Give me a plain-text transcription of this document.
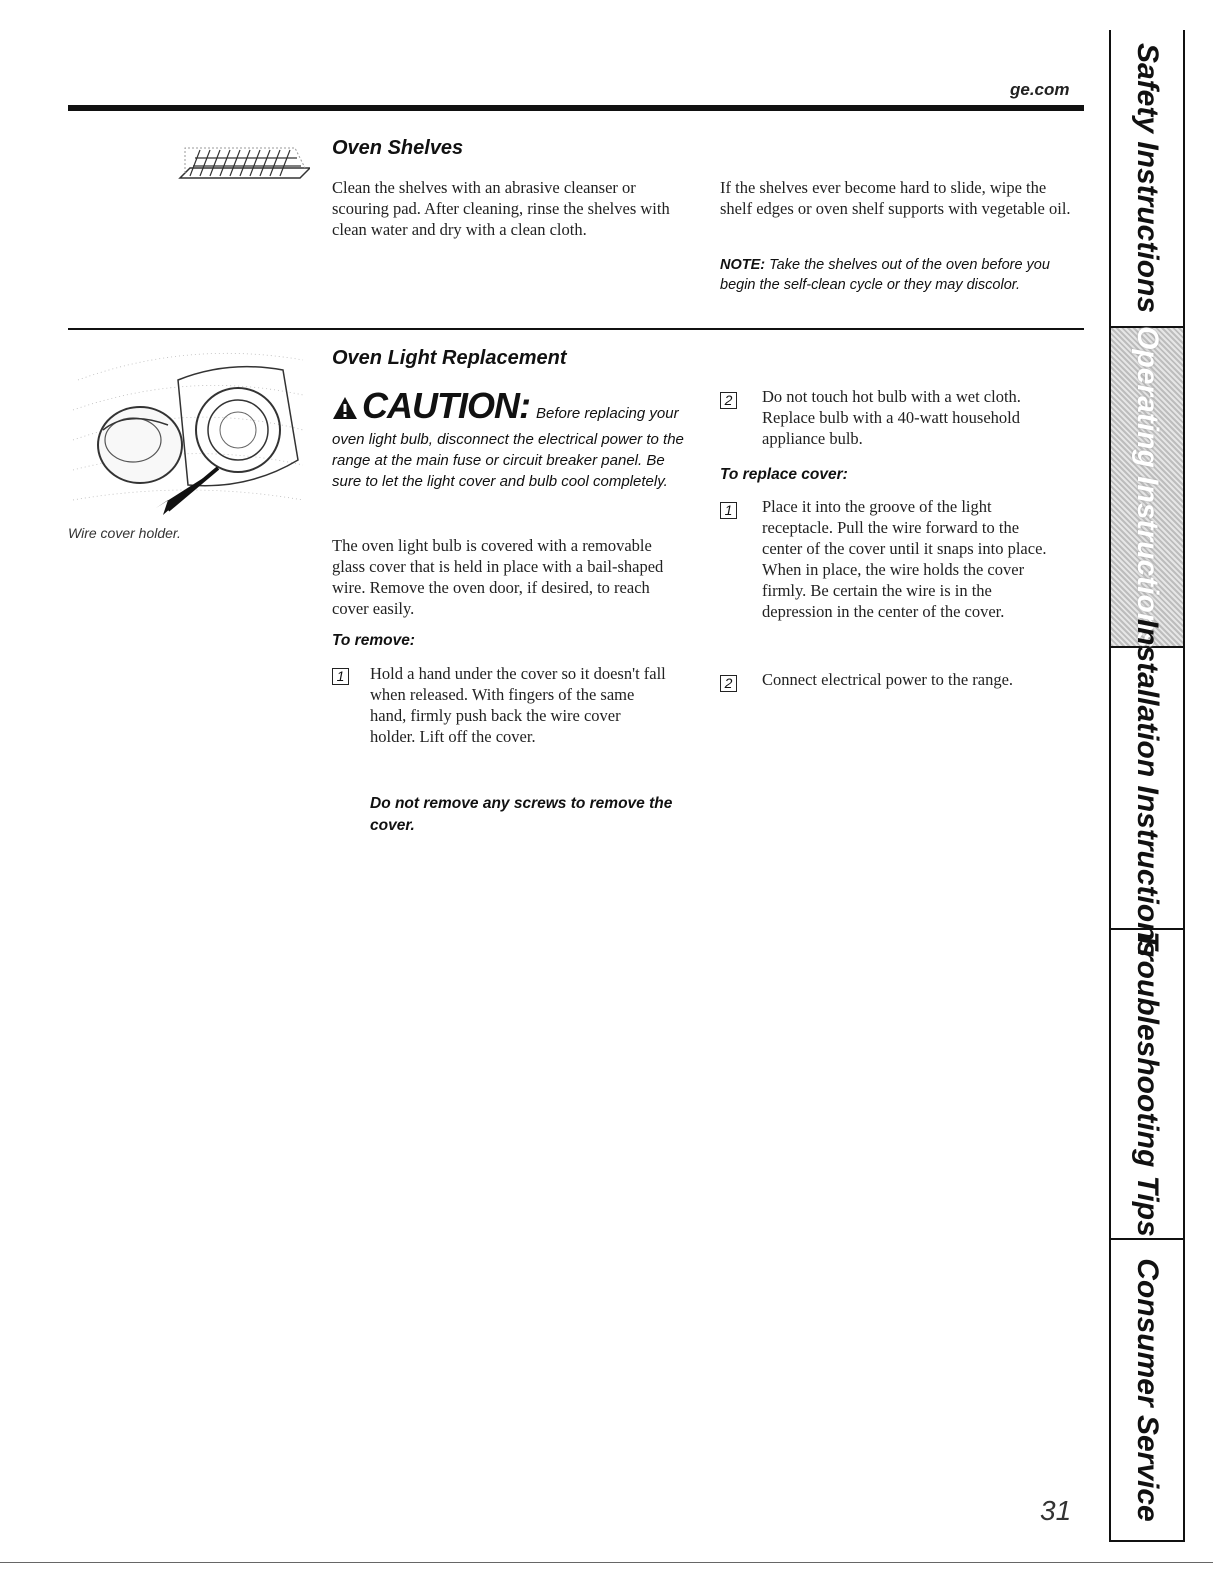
ge.com
Oven Shelves
Clean the shelves with an abrasive cleanser or scouring pad. After cleaning, rinse the shelves with clean water and dry with a clean cloth.
If the shelves ever become hard to slide, wipe the shelf edges or oven shelf supports with vegetable oil.
NOTE: Take the shelves out of the oven before you begin the self-clean cycle or they may discolor.
Wire cover holder.
Oven Light Replacement
CAUTION: Before replacing your
oven light bulb, disconnect the electrical power to the range at the main fuse or circuit breaker panel. Be sure to let the light cover and bulb cool completely.
The oven light bulb is covered with a removable glass cover that is held in place with a bail-shaped wire. Remove the oven door, if desired, to reach cover easily.
To remove:
1 Hold a hand under the cover so it doesn't fall when released. With fingers of the same hand, firmly push back the wire cover holder. Lift off the cover.
Do not remove any screws to remove the cover.
2 Do not touch hot bulb with a wet cloth. Replace bulb with a 40-watt household appliance bulb.
To replace cover:
1 Place it into the groove of the light receptacle. Pull the wire forward to the center of the cover until it snaps into place. When in place, the wire holds the cover firmly. Be certain the wire is in the depression in the center of the cover.
2 Connect electrical power to the range.
31
Safety Instructions
Operating Instructions
Installation Instructions
Troubleshooting Tips
Consumer Service
